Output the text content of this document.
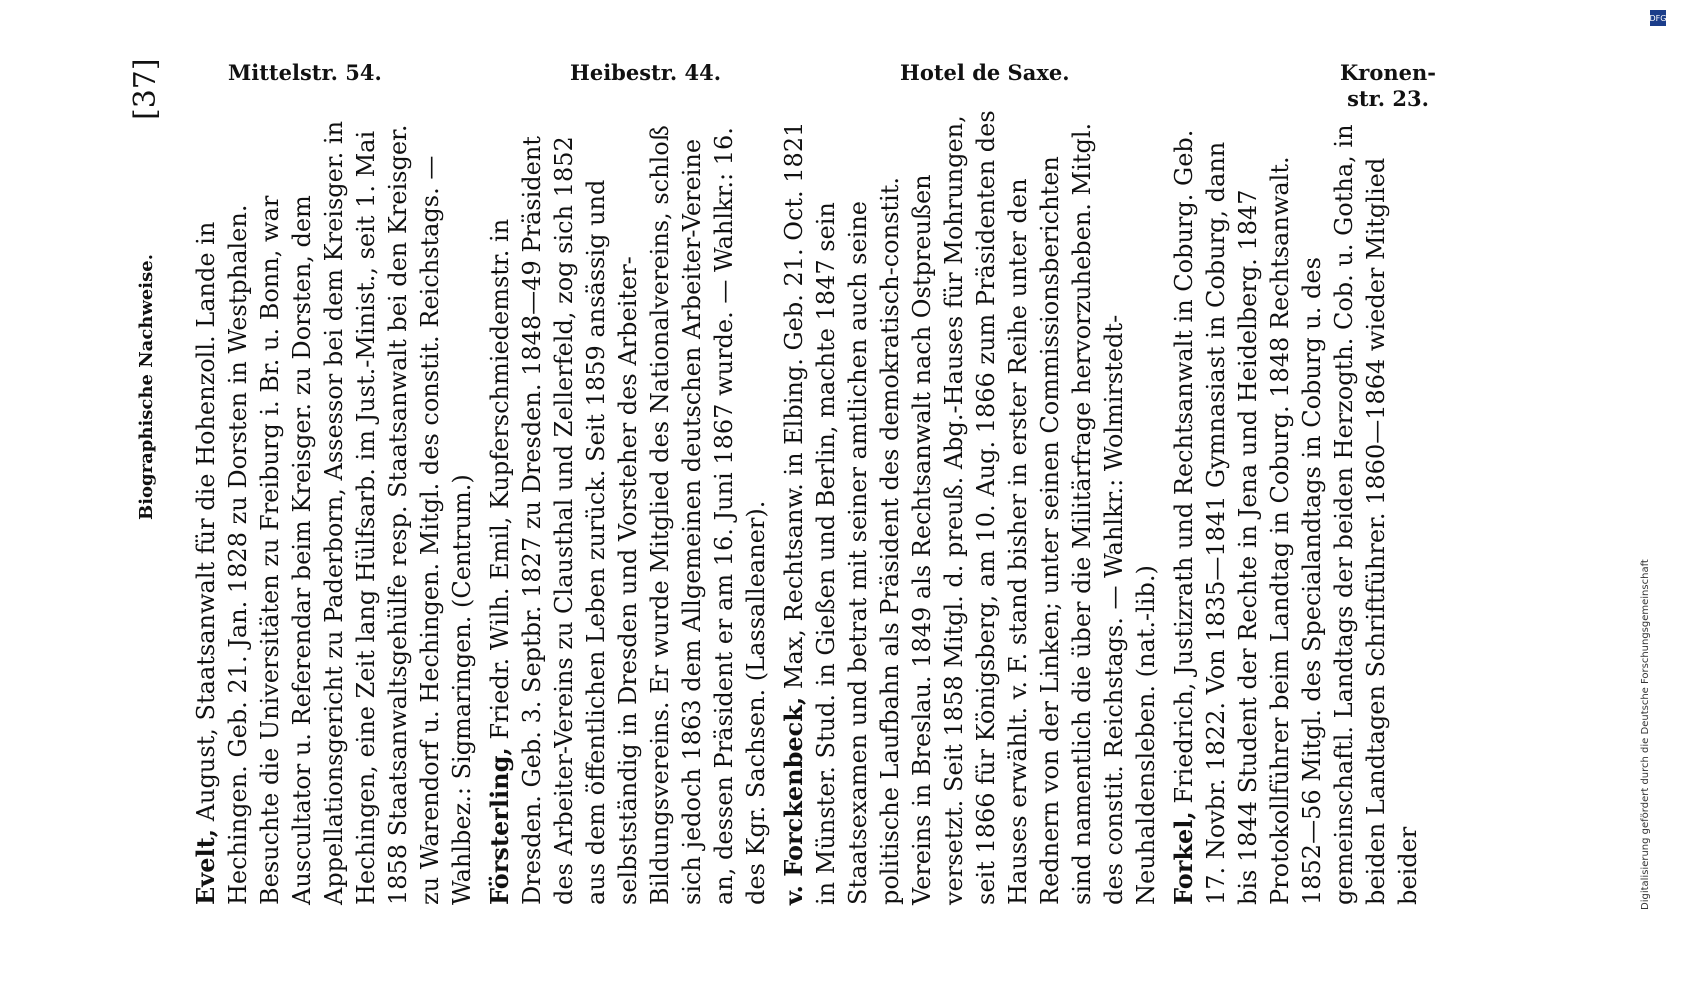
Mittelstr. 54.	Heibestr. 44.	Hotel de Saxe.	Kronen-
str. 23.
[37]
Biographische Nachweise.

Evelt, August, Staatsanwalt für die Hohenzoll. Lande in Hechingen. Geb. 21. Jan. 1828 zu Dorsten in Westphalen. Besuchte die Universitäten zu Freiburg i. Br. u. Bonn, war Auscultator u. Referendar beim Kreisger. zu Dorsten, dem Appellationsgericht zu Paderborn, Assessor bei dem Kreisger. in Hechingen, eine Zeit lang Hülfsarb. im Just.-Minist., seit 1. Mai 1858 Staatsanwaltsgehülfe resp. Staatsanwalt bei den Kreisger. zu Warendorf u. Hechingen. Mitgl. des constit. Reichstags. — Wahlbez.: Sigmaringen. (Centrum.)

Försterling, Friedr. Wilh. Emil, Kupferschmiedemstr. in Dresden. Geb. 3. Septbr. 1827 zu Dresden. 1848—49 Präsident des Arbeiter-Vereins zu Clausthal und Zellerfeld, zog sich 1852 aus dem öffentlichen Leben zurück. Seit 1859 ansässig und selbstständig in Dresden und Vorsteher des Arbeiter-Bildungsvereins. Er wurde Mitglied des Nationalvereins, schloß sich jedoch 1863 dem Allgemeinen deutschen Arbeiter-Vereine an, dessen Präsident er am 16. Juni 1867 wurde. — Wahlkr.: 16. des Kgr. Sachsen. (Lassalleaner).

v. Forckenbeck, Max, Rechtsanw. in Elbing. Geb. 21. Oct. 1821 in Münster. Stud. in Gießen und Berlin, machte 1847 sein Staatsexamen und betrat mit seiner amtlichen auch seine politische Laufbahn als Präsident des demokratisch-constit. Vereins in Breslau. 1849 als Rechtsanwalt nach Ostpreußen versetzt. Seit 1858 Mitgl. d. preuß. Abg.-Hauses für Mohrungen, seit 1866 für Königsberg, am 10. Aug. 1866 zum Präsidenten des Hauses erwählt. v. F. stand bisher in erster Reihe unter den Rednern von der Linken; unter seinen Commissionsberichten sind namentlich die über die Militärfrage hervorzuheben. Mitgl. des constit. Reichstags. — Wahlkr.: Wolmirstedt-Neuhaldensleben. (nat.-lib.)

Forkel, Friedrich, Justizrath und Rechtsanwalt in Coburg. Geb. 17. Novbr. 1822. Von 1835—1841 Gymnasiast in Coburg, dann bis 1844 Student der Rechte in Jena und Heidelberg. 1847 Protokollführer beim Landtag in Coburg. 1848 Rechtsanwalt. 1852—56 Mitgl. des Specialandtags in Coburg u. des gemeinschaftl. Landtags der beiden Herzogth. Cob. u. Gotha, in beiden Landtagen Schriftführer. 1860—1864 wieder Mitglied beider

DFG
Digitalisierung gefördert durch die Deutsche Forschungsgemeinschaft
